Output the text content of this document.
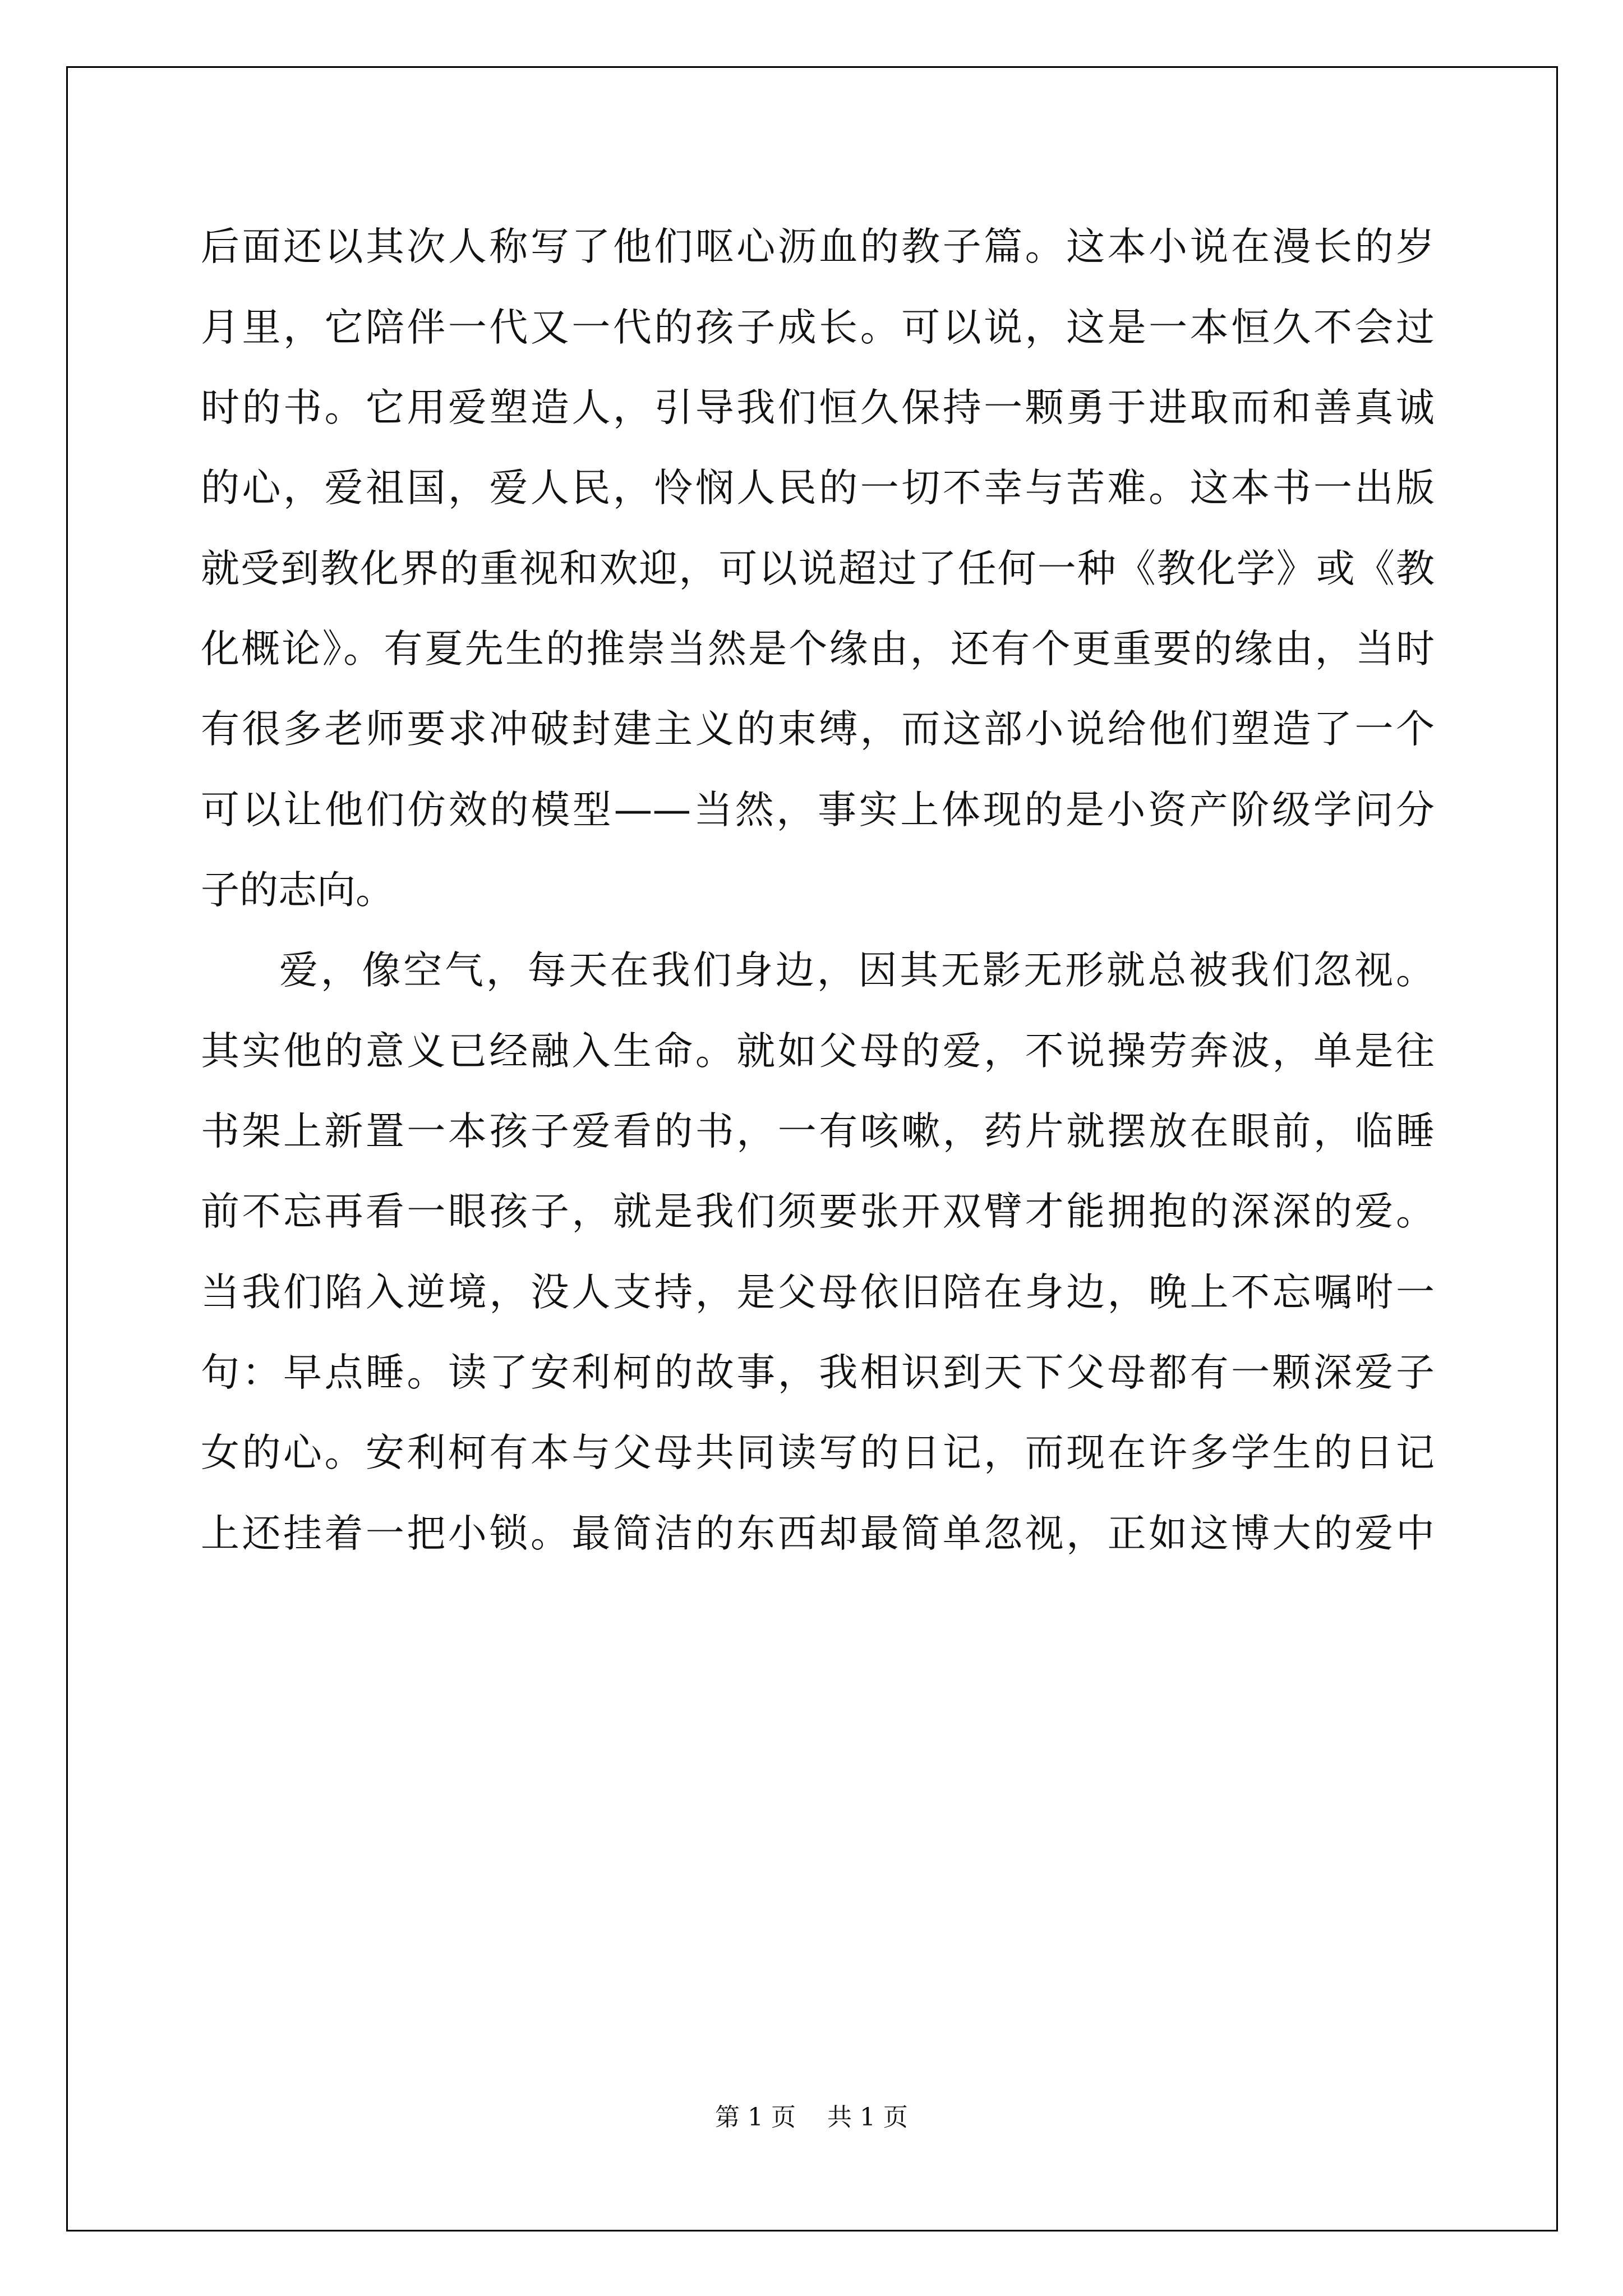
后面还以其次人称写了他们呕心沥血的教子篇。这本小说在漫长的岁

月里，它陪伴一代又一代的孩子成长。可以说，这是一本恒久不会过

时的书。它用爱塑造人，引导我们恒久保持一颗勇于进取而和善真诚

的心，爱祖国，爱人民，怜悯人民的一切不幸与苦难。这本书一出版

就受到教化界的重视和欢迎，可以说超过了任何一种《教化学》或《教

化概论》。有夏先生的推崇当然是个缘由，还有个更重要的缘由，当时

有很多老师要求冲破封建主义的束缚，而这部小说给他们塑造了一个

可以让他们仿效的模型——当然，事实上体现的是小资产阶级学问分

子的志向。

爱，像空气，每天在我们身边，因其无影无形就总被我们忽视。

其实他的意义已经融入生命。就如父母的爱，不说操劳奔波，单是往

书架上新置一本孩子爱看的书，一有咳嗽，药片就摆放在眼前，临睡

前不忘再看一眼孩子，就是我们须要张开双臂才能拥抱的深深的爱。

当我们陷入逆境，没人支持，是父母依旧陪在身边，晚上不忘嘱咐一

句：早点睡。读了安利柯的故事，我相识到天下父母都有一颗深爱子

女的心。安利柯有本与父母共同读写的日记，而现在许多学生的日记

上还挂着一把小锁。最简洁的东西却最简单忽视，正如这博大的爱中

第 1 页 共 1 页
